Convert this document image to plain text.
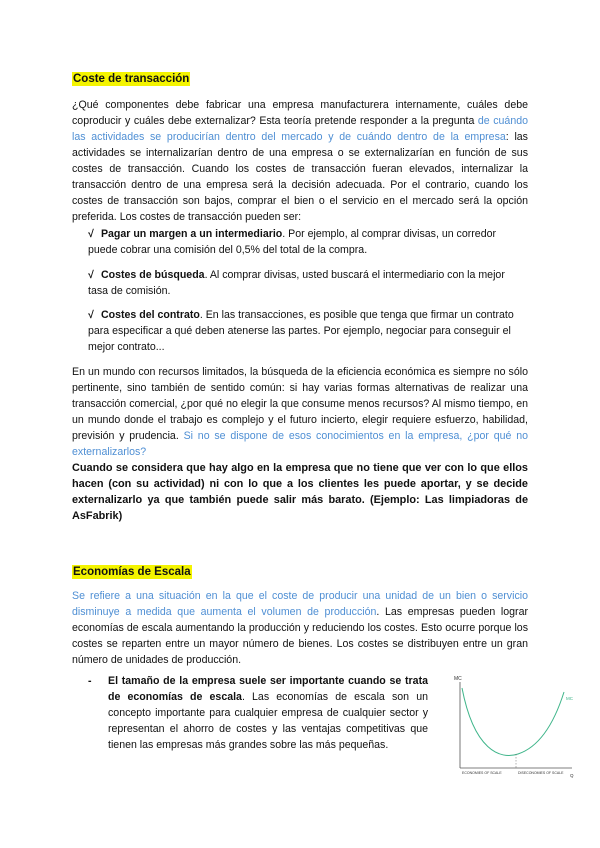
Coste de transacción
¿Qué componentes debe fabricar una empresa manufacturera internamente, cuáles debe coproducir y cuáles debe externalizar? Esta teoría pretende responder a la pregunta de cuándo las actividades se producirían dentro del mercado y de cuándo dentro de la empresa: las actividades se internalizarían dentro de una empresa o se externalizarían en función de sus costes de transacción. Cuando los costes de transacción fueran elevados, internalizar la transacción dentro de una empresa será la decisión adecuada. Por el contrario, cuando los costes de transacción son bajos, comprar el bien o el servicio en el mercado será la opción preferida. Los costes de transacción pueden ser:
√ Pagar un margen a un intermediario. Por ejemplo, al comprar divisas, un corredor puede cobrar una comisión del 0,5% del total de la compra.
√ Costes de búsqueda. Al comprar divisas, usted buscará el intermediario con la mejor tasa de comisión.
√ Costes del contrato. En las transacciones, es posible que tenga que firmar un contrato para especificar a qué deben atenerse las partes. Por ejemplo, negociar para conseguir el mejor contrato...
En un mundo con recursos limitados, la búsqueda de la eficiencia económica es siempre no sólo pertinente, sino también de sentido común: si hay varias formas alternativas de realizar una transacción comercial, ¿por qué no elegir la que consume menos recursos? Al mismo tiempo, en un mundo donde el trabajo es complejo y el futuro incierto, elegir requiere esfuerzo, habilidad, previsión y prudencia. Si no se dispone de esos conocimientos en la empresa, ¿por qué no externalizarlos?
Cuando se considera que hay algo en la empresa que no tiene que ver con lo que ellos hacen (con su actividad) ni con lo que a los clientes les puede aportar, y se decide externalizarlo ya que también puede salir más barato. (Ejemplo: Las limpiadoras de AsFabrik)
Economías de Escala
Se refiere a una situación en la que el coste de producir una unidad de un bien o servicio disminuye a medida que aumenta el volumen de producción. Las empresas pueden lograr economías de escala aumentando la producción y reduciendo los costes. Esto ocurre porque los costes se reparten entre un mayor número de bienes. Los costes se distribuyen entre un gran número de unidades de producción.
- El tamaño de la empresa suele ser importante cuando se trata de economías de escala. Las economías de escala son un concepto importante para cualquier empresa de cualquier sector y representan el ahorro de costes y las ventajas competitivas que tienen las empresas más grandes sobre las más pequeñas.
MC
MC
ECONOMIES OF SCALE	DISECONOMIES OF SCALE Q
